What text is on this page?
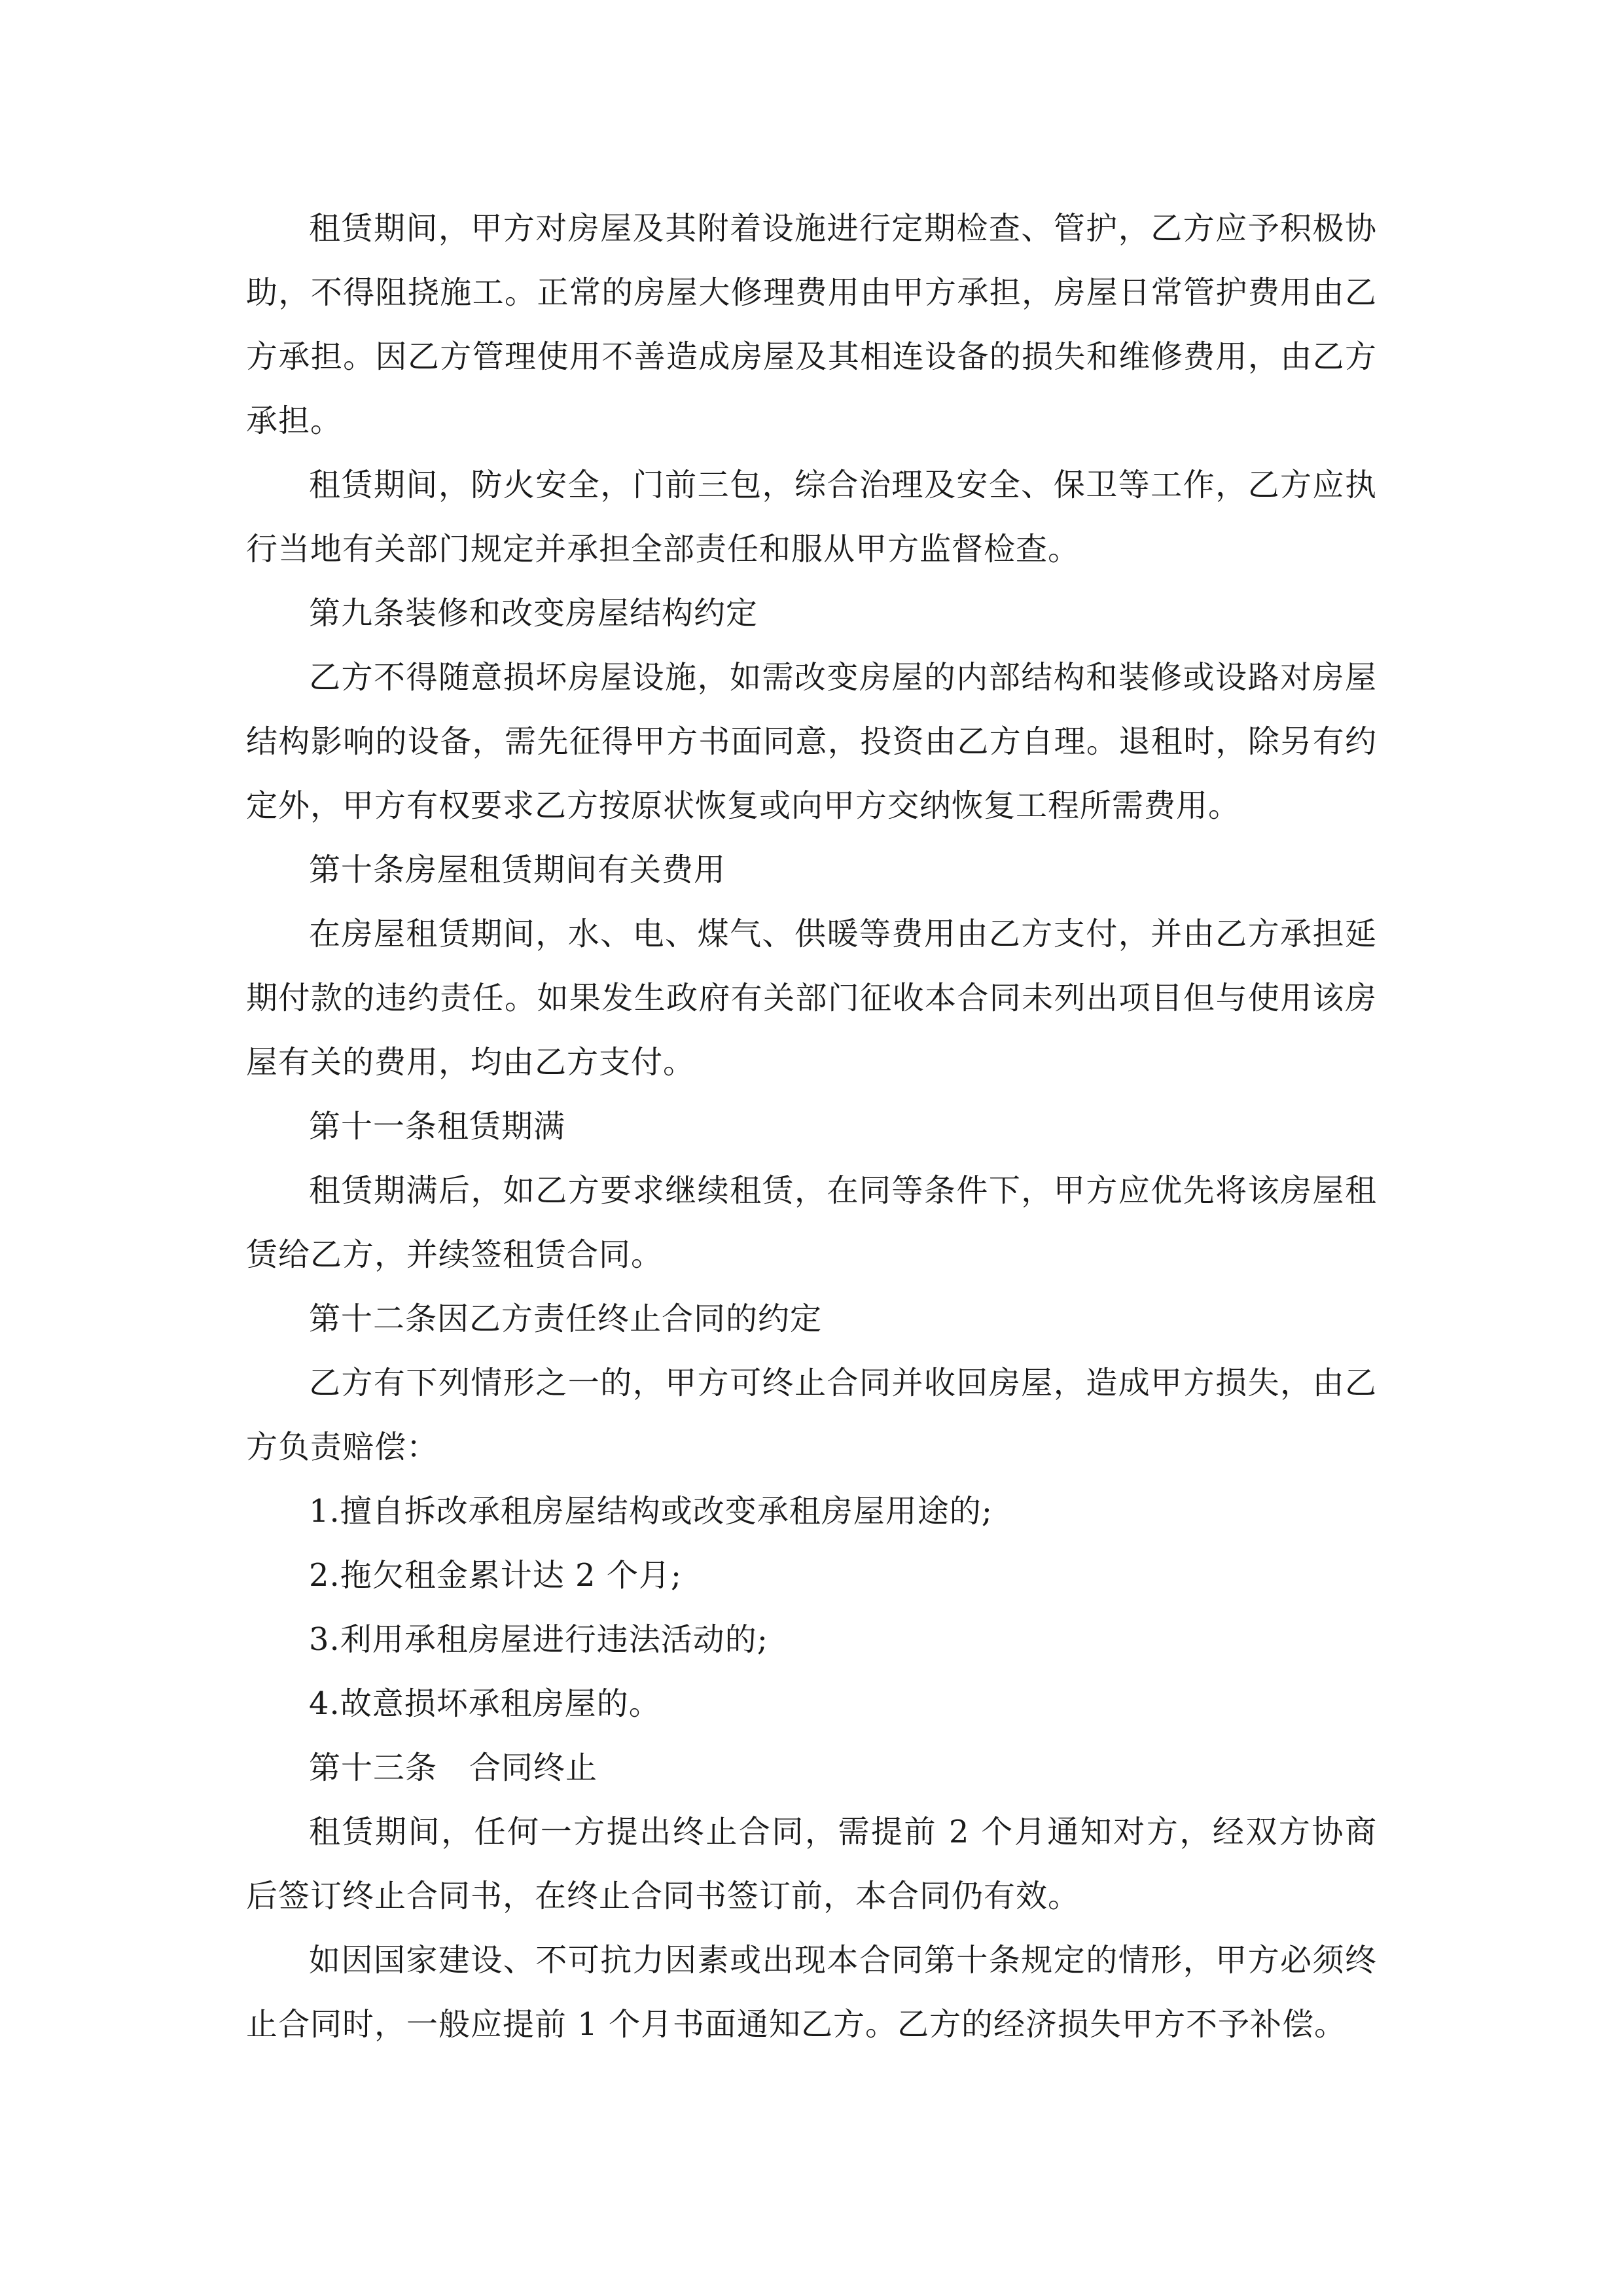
租赁期间，甲方对房屋及其附着设施进行定期检查、管护，乙方应予积极协助，不得阻挠施工。正常的房屋大修理费用由甲方承担，房屋日常管护费用由乙方承担。因乙方管理使用不善造成房屋及其相连设备的损失和维修费用，由乙方承担。

租赁期间，防火安全，门前三包，综合治理及安全、保卫等工作，乙方应执行当地有关部门规定并承担全部责任和服从甲方监督检查。

第九条装修和改变房屋结构约定

乙方不得随意损坏房屋设施，如需改变房屋的内部结构和装修或设路对房屋结构影响的设备，需先征得甲方书面同意，投资由乙方自理。退租时，除另有约定外，甲方有权要求乙方按原状恢复或向甲方交纳恢复工程所需费用。

第十条房屋租赁期间有关费用

在房屋租赁期间，水、电、煤气、供暖等费用由乙方支付，并由乙方承担延期付款的违约责任。如果发生政府有关部门征收本合同未列出项目但与使用该房屋有关的费用，均由乙方支付。

第十一条租赁期满

租赁期满后，如乙方要求继续租赁，在同等条件下，甲方应优先将该房屋租赁给乙方，并续签租赁合同。

第十二条因乙方责任终止合同的约定

乙方有下列情形之一的，甲方可终止合同并收回房屋，造成甲方损失，由乙方负责赔偿：

1.擅自拆改承租房屋结构或改变承租房屋用途的;

2.拖欠租金累计达 2 个月;

3.利用承租房屋进行违法活动的;

4.故意损坏承租房屋的。

第十三条　合同终止

租赁期间，任何一方提出终止合同，需提前 2 个月通知对方，经双方协商后签订终止合同书，在终止合同书签订前，本合同仍有效。

如因国家建设、不可抗力因素或出现本合同第十条规定的情形，甲方必须终止合同时，一般应提前 1 个月书面通知乙方。乙方的经济损失甲方不予补偿。
